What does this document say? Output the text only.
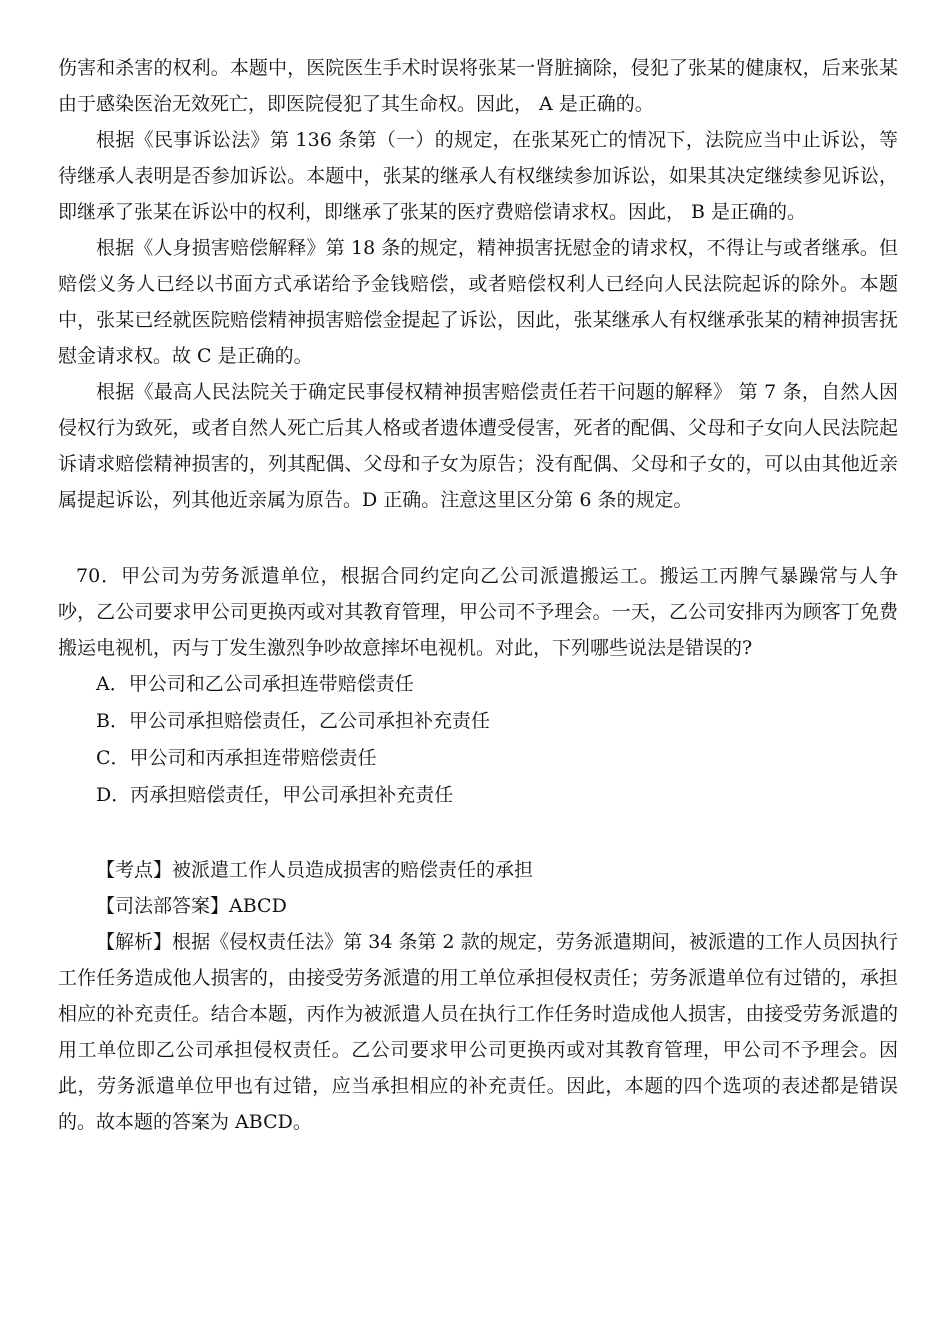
伤害和杀害的权利。本题中，医院医生手术时误将张某一肾脏摘除，侵犯了张某的健康权，后来张某由于感染医治无效死亡，即医院侵犯了其生命权。因此， A 是正确的。

根据《民事诉讼法》第 136 条第（一）的规定，在张某死亡的情况下，法院应当中止诉讼，等待继承人表明是否参加诉讼。本题中，张某的继承人有权继续参加诉讼，如果其决定继续参见诉讼，即继承了张某在诉讼中的权利，即继承了张某的医疗费赔偿请求权。因此， B 是正确的。

根据《人身损害赔偿解释》第 18 条的规定，精神损害抚慰金的请求权，不得让与或者继承。但赔偿义务人已经以书面方式承诺给予金钱赔偿，或者赔偿权利人已经向人民法院起诉的除外。本题中，张某已经就医院赔偿精神损害赔偿金提起了诉讼，因此，张某继承人有权继承张某的精神损害抚慰金请求权。故 C 是正确的。

根据《最高人民法院关于确定民事侵权精神损害赔偿责任若干问题的解释》 第 7 条，自然人因侵权行为致死，或者自然人死亡后其人格或者遗体遭受侵害，死者的配偶、父母和子女向人民法院起诉请求赔偿精神损害的，列其配偶、父母和子女为原告；没有配偶、父母和子女的，可以由其他近亲属提起诉讼，列其他近亲属为原告。D 正确。注意这里区分第 6 条的规定。

70．甲公司为劳务派遣单位，根据合同约定向乙公司派遣搬运工。搬运工丙脾气暴躁常与人争吵，乙公司要求甲公司更换丙或对其教育管理，甲公司不予理会。一天，乙公司安排丙为顾客丁免费搬运电视机，丙与丁发生激烈争吵故意摔坏电视机。对此，下列哪些说法是错误的?

A．甲公司和乙公司承担连带赔偿责任

B．甲公司承担赔偿责任，乙公司承担补充责任

C．甲公司和丙承担连带赔偿责任

D．丙承担赔偿责任，甲公司承担补充责任

【考点】被派遣工作人员造成损害的赔偿责任的承担

【司法部答案】ABCD

【解析】根据《侵权责任法》第 34 条第 2 款的规定，劳务派遣期间，被派遣的工作人员因执行工作任务造成他人损害的，由接受劳务派遣的用工单位承担侵权责任；劳务派遣单位有过错的，承担相应的补充责任。结合本题，丙作为被派遣人员在执行工作任务时造成他人损害，由接受劳务派遣的用工单位即乙公司承担侵权责任。乙公司要求甲公司更换丙或对其教育管理，甲公司不予理会。因此，劳务派遣单位甲也有过错，应当承担相应的补充责任。因此，本题的四个选项的表述都是错误的。故本题的答案为 ABCD。
